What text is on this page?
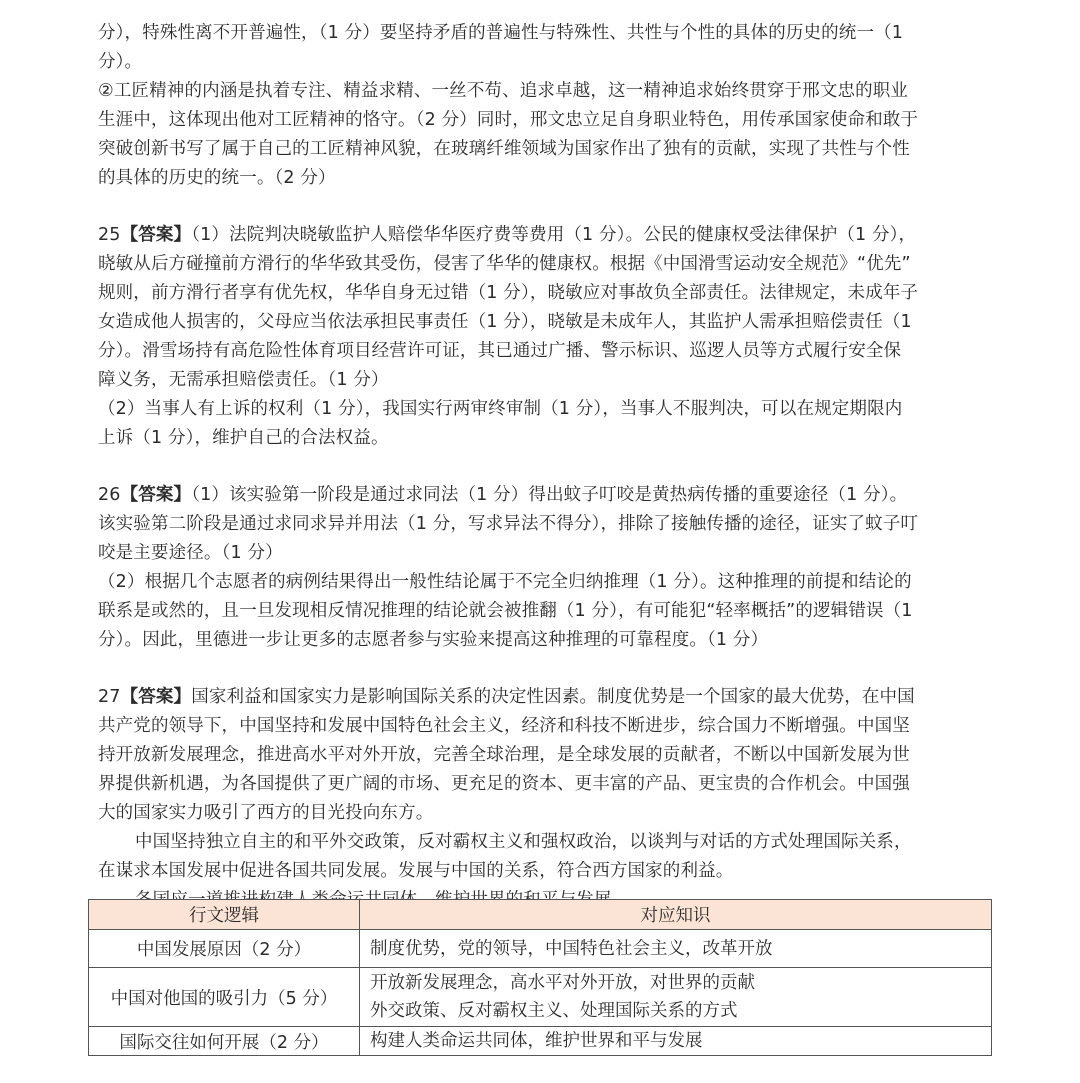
分），特殊性离不开普遍性，（1 分）要坚持矛盾的普遍性与特殊性、共性与个性的具体的历史的统一（1
分）。
②工匠精神的内涵是执着专注、精益求精、一丝不苟、追求卓越，这一精神追求始终贯穿于邢文忠的职业
生涯中，这体现出他对工匠精神的恪守。（2 分）同时，邢文忠立足自身职业特色，用传承国家使命和敢于
突破创新书写了属于自己的工匠精神风貌，在玻璃纤维领域为国家作出了独有的贡献，实现了共性与个性
的具体的历史的统一。（2 分）
25【答案】（1）法院判决晓敏监护人赔偿华华医疗费等费用（1 分）。公民的健康权受法律保护（1 分），
晓敏从后方碰撞前方滑行的华华致其受伤，侵害了华华的健康权。根据《中国滑雪运动安全规范》“优先”
规则，前方滑行者享有优先权，华华自身无过错（1 分），晓敏应对事故负全部责任。法律规定，未成年子
女造成他人损害的，父母应当依法承担民事责任（1 分），晓敏是未成年人，其监护人需承担赔偿责任（1
分）。滑雪场持有高危险性体育项目经营许可证，其已通过广播、警示标识、巡逻人员等方式履行安全保
障义务，无需承担赔偿责任。（1 分）
（2）当事人有上诉的权利（1 分），我国实行两审终审制（1 分），当事人不服判决，可以在规定期限内
上诉（1 分），维护自己的合法权益。
26【答案】（1）该实验第一阶段是通过求同法（1 分）得出蚊子叮咬是黄热病传播的重要途径（1 分）。
该实验第二阶段是通过求同求异并用法（1 分，写求异法不得分），排除了接触传播的途径，证实了蚊子叮
咬是主要途径。（1 分）
（2）根据几个志愿者的病例结果得出一般性结论属于不完全归纳推理（1 分）。这种推理的前提和结论的
联系是或然的，且一旦发现相反情况推理的结论就会被推翻（1 分），有可能犯“轻率概括”的逻辑错误（1
分）。因此，里德进一步让更多的志愿者参与实验来提高这种推理的可靠程度。（1 分）
27【答案】国家利益和国家实力是影响国际关系的决定性因素。制度优势是一个国家的最大优势，在中国
共产党的领导下，中国坚持和发展中国特色社会主义，经济和科技不断进步，综合国力不断增强。中国坚
持开放新发展理念，推进高水平对外开放，完善全球治理，是全球发展的贡献者，不断以中国新发展为世
界提供新机遇，为各国提供了更广阔的市场、更充足的资本、更丰富的产品、更宝贵的合作机会。中国强
大的国家实力吸引了西方的目光投向东方。
中国坚持独立自主的和平外交政策，反对霸权主义和强权政治，以谈判与对话的方式处理国际关系，
在谋求本国发展中促进各国共同发展。发展与中国的关系，符合西方国家的利益。
行文逻辑	对应知识
中国发展原因（2 分）	制度优势，党的领导，中国特色社会主义，改革开放

中国对他国的吸引力（5 分）	开放新发展理念，高水平对外开放，对世界的贡献
外交政策、反对霸权主义、处理国际关系的方式

国际交往如何开展（2 分）	构建人类命运共同体，维护世界和平与发展
